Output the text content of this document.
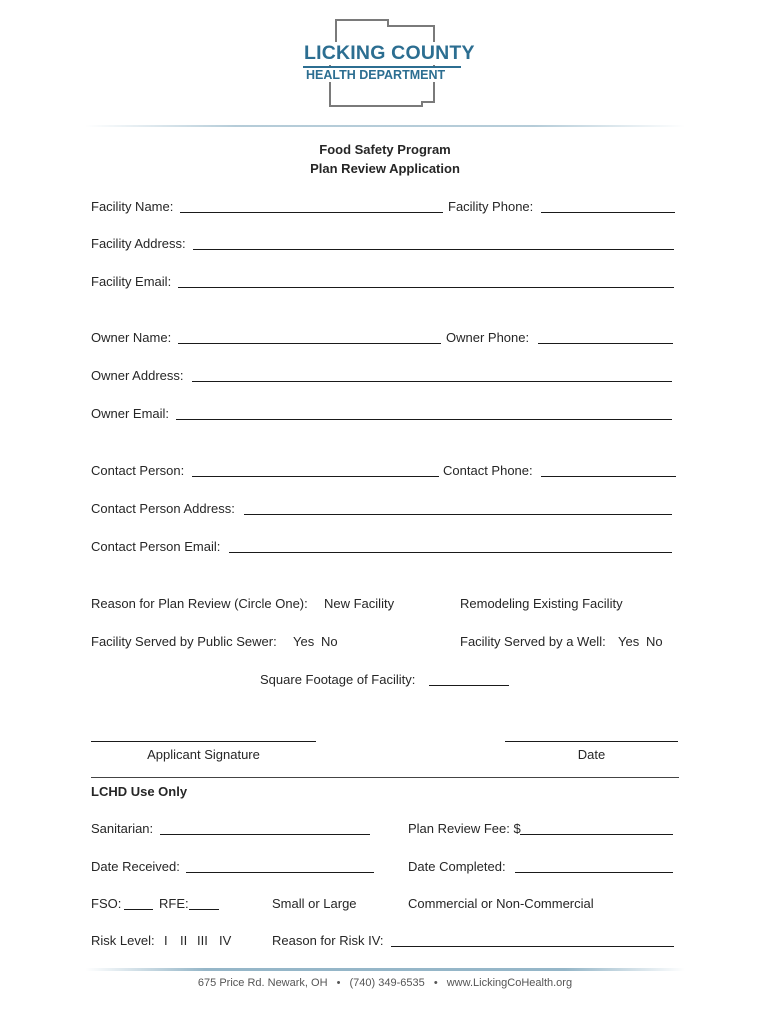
LICKING COUNTY
HEALTH DEPARTMENT
Food Safety Program
Plan Review Application
Facility Name:	Facility Phone:
Facility Address:
Facility Email:
Owner Name:	Owner Phone:
Owner Address:
Owner Email:
Contact Person:	Contact Phone:
Contact Person Address:
Contact Person Email:
Reason for Plan Review (Circle One): New Facility	Remodeling Existing Facility
Facility Served by Public Sewer: Yes No	Facility Served by a Well: Yes No
Square Footage of Facility:
Applicant Signature	Date
LCHD Use Only
Sanitarian:	Plan Review Fee: $
Date Received:	Date Completed:
FSO:	RFE:	Small or Large	Commercial or Non-Commercial
Risk Level: I II III IV	Reason for Risk IV:
675 Price Rd. Newark, OH • (740) 349-6535 • www.LickingCoHealth.org
